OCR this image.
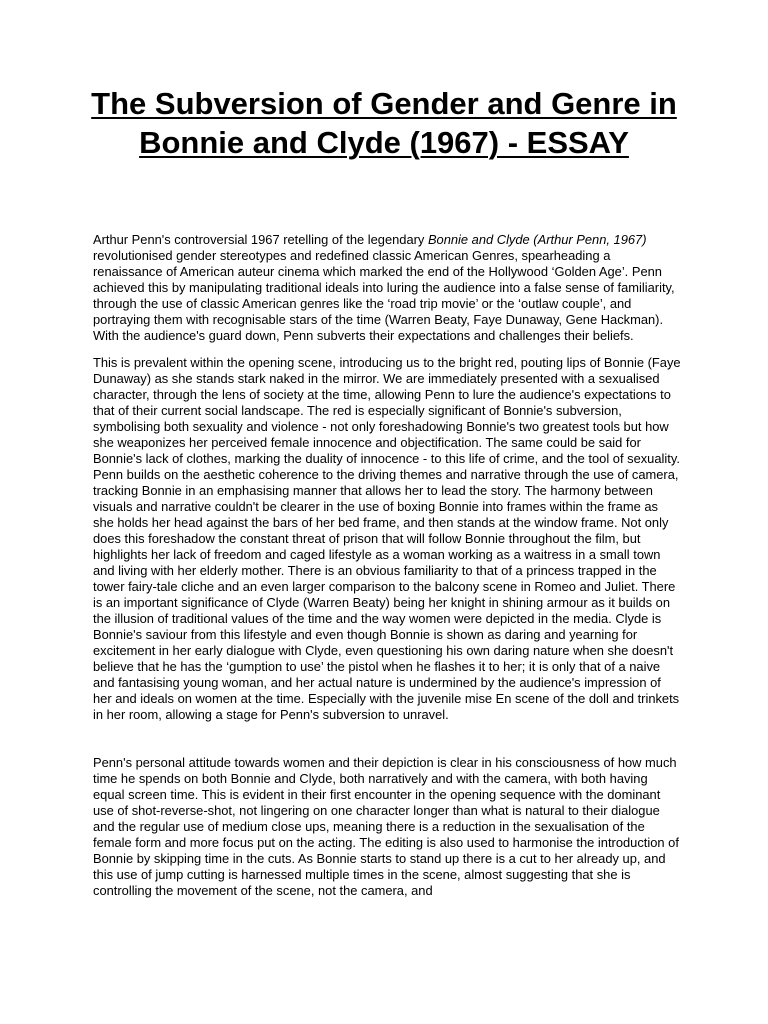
The Subversion of Gender and Genre in Bonnie and Clyde (1967) - ESSAY

Arthur Penn's controversial 1967 retelling of the legendary Bonnie and Clyde (Arthur Penn, 1967) revolutionised gender stereotypes and redefined classic American Genres, spearheading a renaissance of American auteur cinema which marked the end of the Hollywood ‘Golden Age’. Penn achieved this by manipulating traditional ideals into luring the audience into a false sense of familiarity, through the use of classic American genres like the ‘road trip movie’ or the ‘outlaw couple’, and portraying them with recognisable stars of the time (Warren Beaty, Faye Dunaway, Gene Hackman). With the audience's guard down, Penn subverts their expectations and challenges their beliefs.

This is prevalent within the opening scene, introducing us to the bright red, pouting lips of Bonnie (Faye Dunaway) as she stands stark naked in the mirror. We are immediately presented with a sexualised character, through the lens of society at the time, allowing Penn to lure the audience's expectations to that of their current social landscape. The red is especially significant of Bonnie's subversion, symbolising both sexuality and violence - not only foreshadowing Bonnie's two greatest tools but how she weaponizes her perceived female innocence and objectification. The same could be said for Bonnie's lack of clothes, marking the duality of innocence - to this life of crime, and the tool of sexuality. Penn builds on the aesthetic coherence to the driving themes and narrative through the use of camera, tracking Bonnie in an emphasising manner that allows her to lead the story. The harmony between visuals and narrative couldn't be clearer in the use of boxing Bonnie into frames within the frame as she holds her head against the bars of her bed frame, and then stands at the window frame. Not only does this foreshadow the constant threat of prison that will follow Bonnie throughout the film, but highlights her lack of freedom and caged lifestyle as a woman working as a waitress in a small town and living with her elderly mother. There is an obvious familiarity to that of a princess trapped in the tower fairy-tale cliche and an even larger comparison to the balcony scene in Romeo and Juliet. There is an important significance of Clyde (Warren Beaty) being her knight in shining armour as it builds on the illusion of traditional values of the time and the way women were depicted in the media. Clyde is Bonnie's saviour from this lifestyle and even though Bonnie is shown as daring and yearning for excitement in her early dialogue with Clyde, even questioning his own daring nature when she doesn't believe that he has the ‘gumption to use’ the pistol when he flashes it to her; it is only that of a naive and fantasising young woman, and her actual nature is undermined by the audience's impression of her and ideals on women at the time. Especially with the juvenile mise En scene of the doll and trinkets in her room, allowing a stage for Penn's subversion to unravel.

Penn's personal attitude towards women and their depiction is clear in his consciousness of how much time he spends on both Bonnie and Clyde, both narratively and with the camera, with both having equal screen time. This is evident in their first encounter in the opening sequence with the dominant use of shot-reverse-shot, not lingering on one character longer than what is natural to their dialogue and the regular use of medium close ups, meaning there is a reduction in the sexualisation of the female form and more focus put on the acting. The editing is also used to harmonise the introduction of Bonnie by skipping time in the cuts. As Bonnie starts to stand up there is a cut to her already up, and this use of jump cutting is harnessed multiple times in the scene, almost suggesting that she is controlling the movement of the scene, not the camera, and
